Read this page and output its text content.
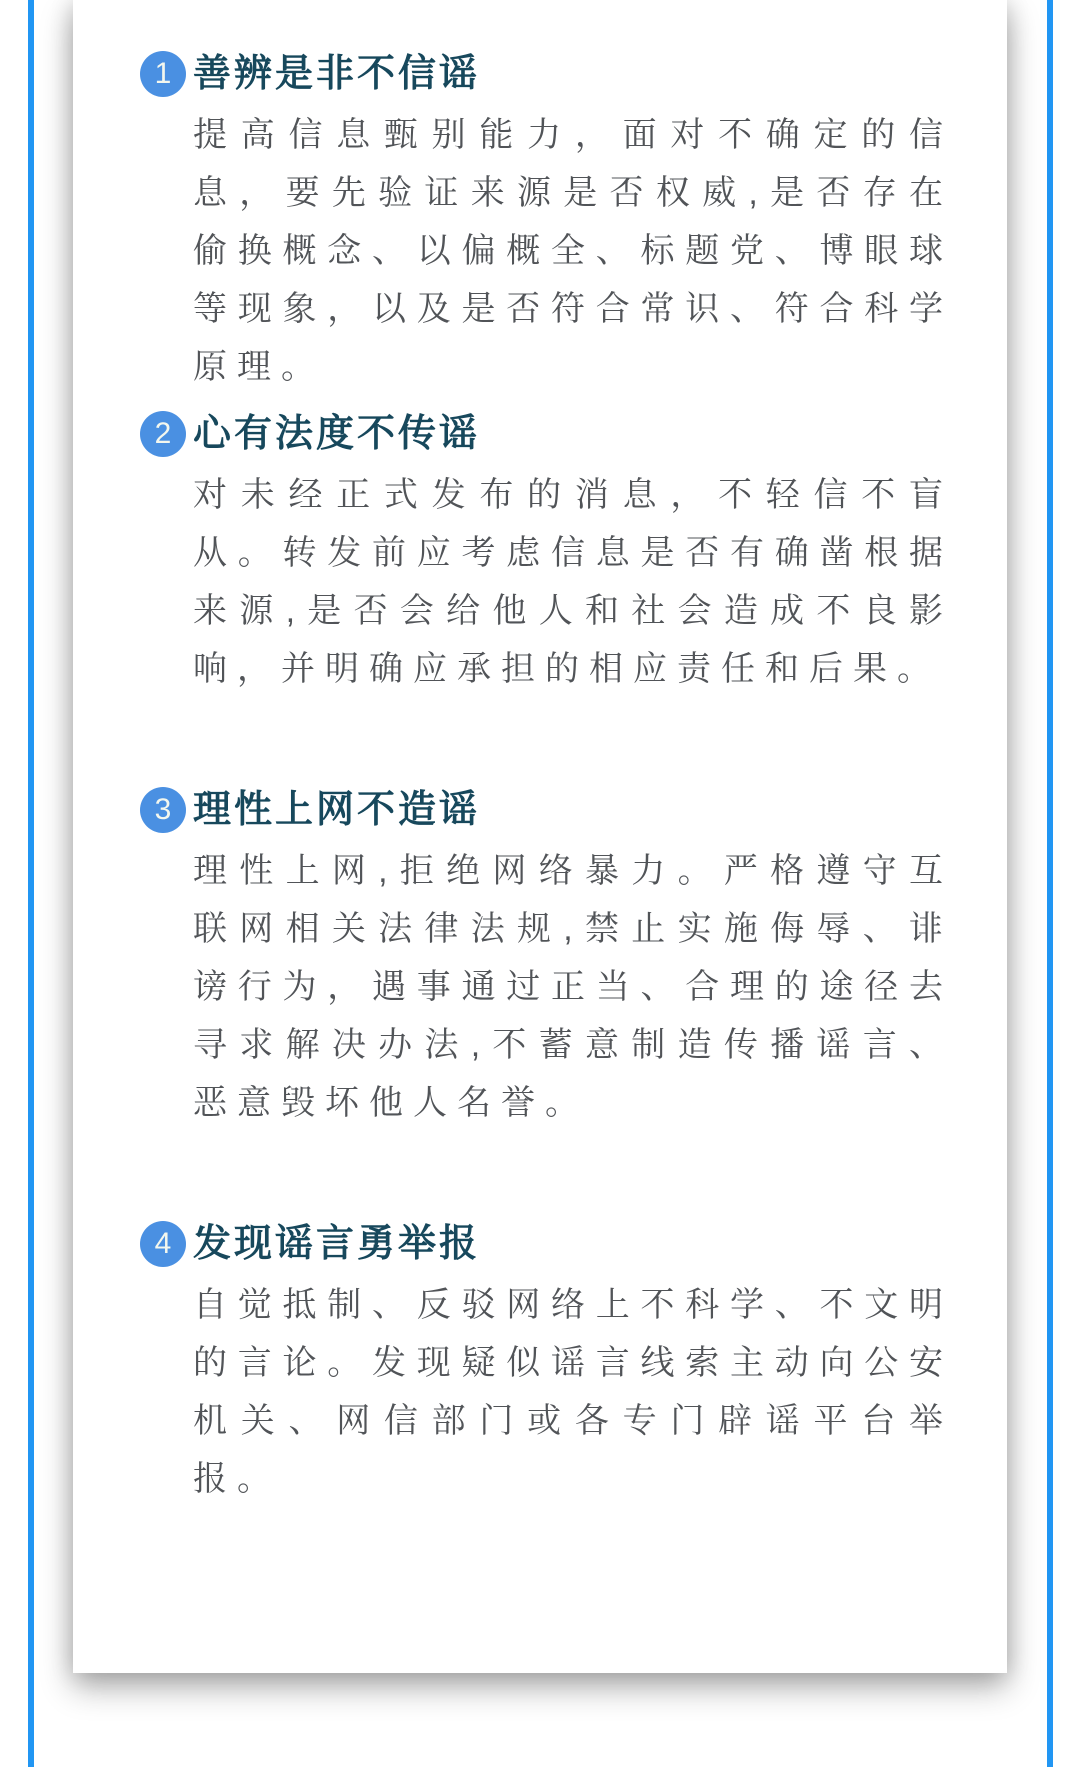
1 善辨是非不信谣
提高信息甄别能力，面对不确定的信息，要先验证来源是否权威,是否存在偷换概念、以偏概全、标题党、博眼球等现象，以及是否符合常识、符合科学原理。
2 心有法度不传谣
对未经正式发布的消息，不轻信不盲从。转发前应考虑信息是否有确凿根据来源,是否会给他人和社会造成不良影响，并明确应承担的相应责任和后果。
3 理性上网不造谣
理性上网,拒绝网络暴力。严格遵守互联网相关法律法规,禁止实施侮辱、诽谤行为，遇事通过正当、合理的途径去寻求解决办法,不蓄意制造传播谣言、恶意毁坏他人名誉。
4 发现谣言勇举报
自觉抵制、反驳网络上不科学、不文明的言论。发现疑似谣言线索主动向公安机关、网信部门或各专门辟谣平台举报。
